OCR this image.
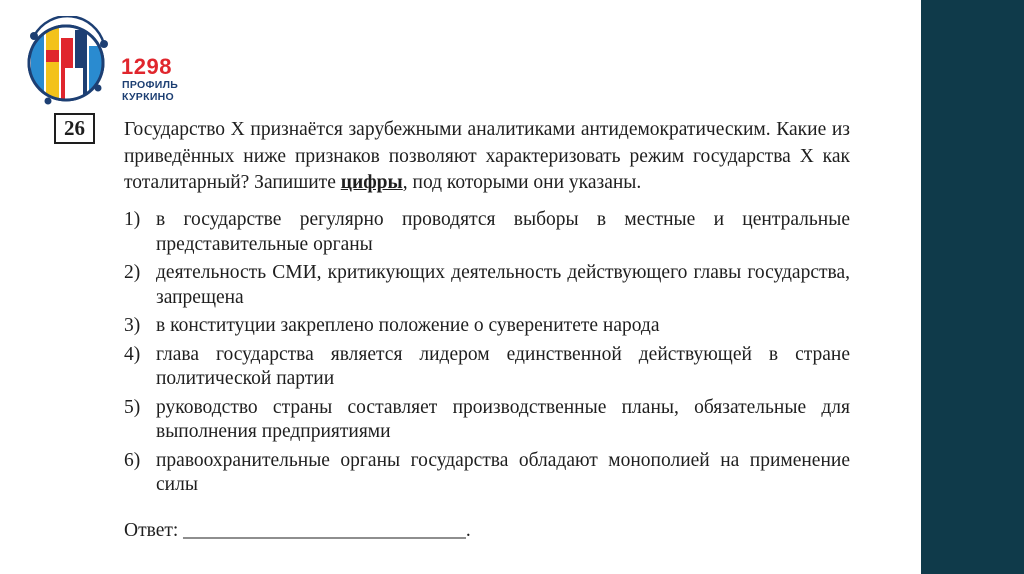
1298
ПРОФИЛЬ
КУРКИНО
26	Государство Х признаётся зарубежными аналитиками антидемократическим. Какие из приведённых ниже признаков позволяют характеризовать режим государства Х как тоталитарный? Запишите цифры, под которыми они указаны.
1) в государстве регулярно проводятся выборы в местные и центральные представительные органы
2) деятельность СМИ, критикующих деятельность действующего главы государства, запрещена
3) в конституции закреплено положение о суверенитете народа
4) глава государства является лидером единственной действующей в стране политической партии
5) руководство страны составляет производственные планы, обязательные для выполнения предприятиями
6) правоохранительные органы государства обладают монополией на применение силы
Ответ: _____________________________.
